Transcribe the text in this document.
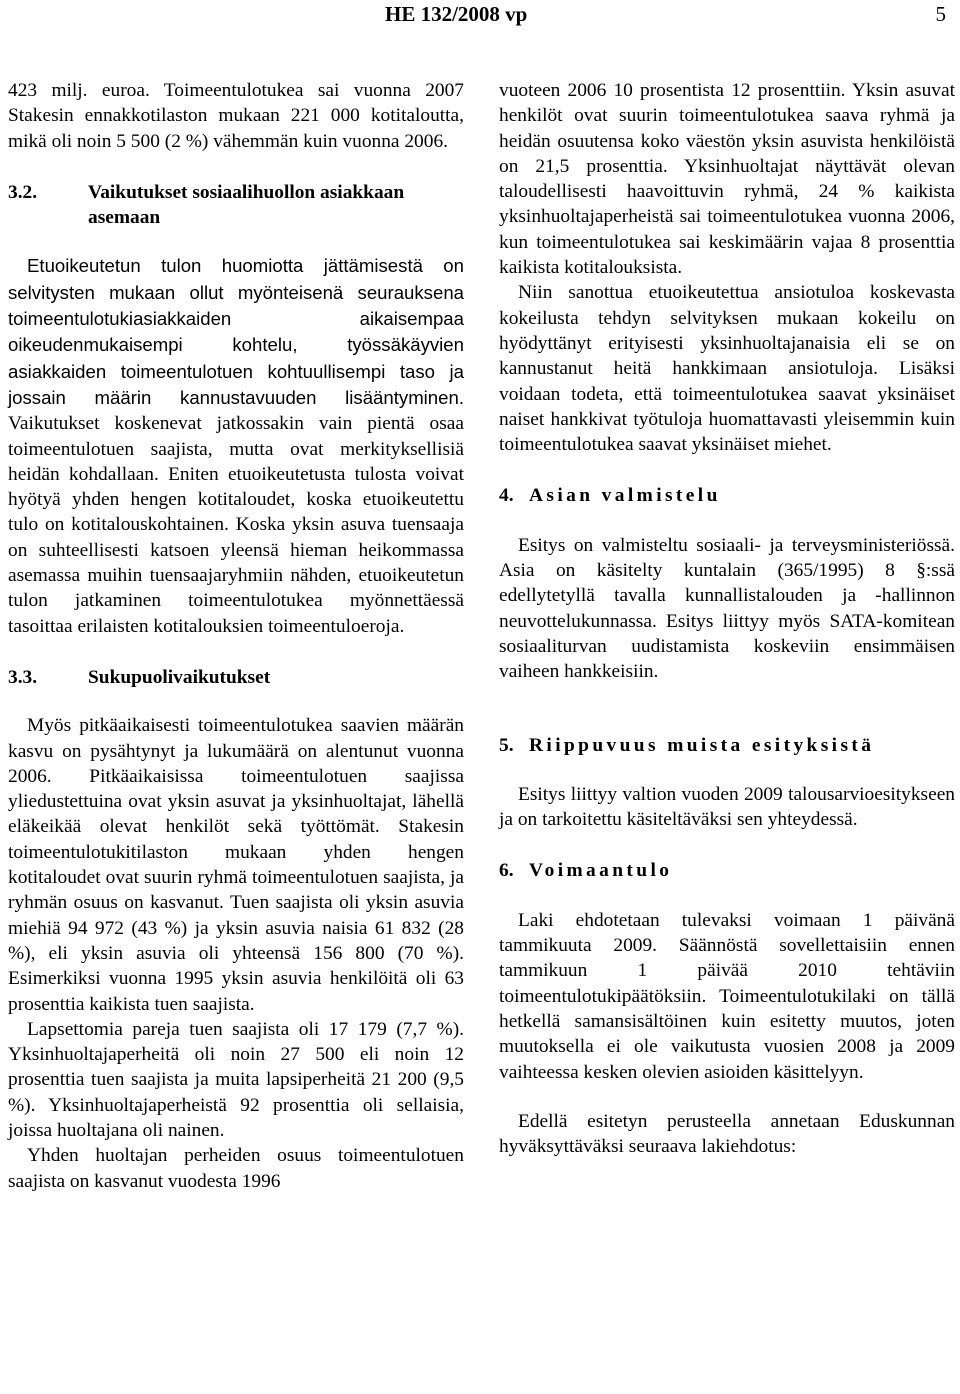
HE 132/2008 vp	5

423 milj. euroa. Toimeentulotukea sai vuonna 2007 Stakesin ennakkotilaston mukaan 221 000 kotitaloutta, mikä oli noin 5 500 (2 %) vähemmän kuin vuonna 2006.

3.2.	Vaikutukset sosiaalihuollon asiakkaan asemaan

Etuoikeutetun tulon huomiotta jättämisestä on selvitysten mukaan ollut myönteisenä seurauksena toimeentulotukiasiakkaiden aikaisempaa oikeudenmukaisempi kohtelu, työssäkäyvien asiakkaiden toimeentulotuen kohtuullisempi taso ja jossain määrin kannustavuuden lisääntyminen. Vaikutukset koskenevat jatkossakin vain pientä osaa toimeentulotuen saajista, mutta ovat merkityksellisiä heidän kohdallaan. Eniten etuoikeutetusta tulosta voivat hyötyä yhden hengen kotitaloudet, koska etuoikeutettu tulo on kotitalouskohtainen. Koska yksin asuva tuensaaja on suhteellisesti katsoen yleensä hieman heikommassa asemassa muihin tuensaajaryhmiin nähden, etuoikeutetun tulon jatkaminen toimeentulotukea myönnettäessä tasoittaa erilaisten kotitalouksien toimeentuloeroja.

3.3.	Sukupuolivaikutukset

Myös pitkäaikaisesti toimeentulotukea saavien määrän kasvu on pysähtynyt ja lukumäärä on alentunut vuonna 2006. Pitkäaikaisissa toimeentulotuen saajissa yliedustettuina ovat yksin asuvat ja yksinhuoltajat, lähellä eläkeikää olevat henkilöt sekä työttömät. Stakesin toimeentulotukitilaston mukaan yhden hengen kotitaloudet ovat suurin ryhmä toimeentulotuen saajista, ja ryhmän osuus on kasvanut. Tuen saajista oli yksin asuvia miehiä 94 972 (43 %) ja yksin asuvia naisia 61 832 (28 %), eli yksin asuvia oli yhteensä 156 800 (70 %). Esimerkiksi vuonna 1995 yksin asuvia henkilöitä oli 63 prosenttia kaikista tuen saajista.

Lapsettomia pareja tuen saajista oli 17 179 (7,7 %). Yksinhuoltajaperheitä oli noin 27 500 eli noin 12 prosenttia tuen saajista ja muita lapsiperheitä 21 200 (9,5 %). Yksinhuoltajaperheistä 92 prosenttia oli sellaisia, joissa huoltajana oli nainen.

Yhden huoltajan perheiden osuus toimeentulotuen saajista on kasvanut vuodesta 1996

vuoteen 2006 10 prosentista 12 prosenttiin. Yksin asuvat henkilöt ovat suurin toimeentulotukea saava ryhmä ja heidän osuutensa koko väestön yksin asuvista henkilöistä on 21,5 prosenttia. Yksinhuoltajat näyttävät olevan taloudellisesti haavoittuvin ryhmä, 24 % kaikista yksinhuoltajaperheistä sai toimeentulotukea vuonna 2006, kun toimeentulotukea sai keskimäärin vajaa 8 prosenttia kaikista kotitalouksista.

Niin sanottua etuoikeutettua ansiotuloa koskevasta kokeilusta tehdyn selvityksen mukaan kokeilu on hyödyttänyt erityisesti yksinhuoltajanaisia eli se on kannustanut heitä hankkimaan ansiotuloja. Lisäksi voidaan todeta, että toimeentulotukea saavat yksinäiset naiset hankkivat työtuloja huomattavasti yleisemmin kuin toimeentulotukea saavat yksinäiset miehet.

4. Asian valmistelu

Esitys on valmisteltu sosiaali- ja terveysministeriössä. Asia on käsitelty kuntalain (365/1995) 8 §:ssä edellytetyllä tavalla kunnallistalouden ja -hallinnon neuvottelukunnassa. Esitys liittyy myös SATA-komitean sosiaaliturvan uudistamista koskeviin ensimmäisen vaiheen hankkeisiin.

5. Riippuvuus muista esityksistä

Esitys liittyy valtion vuoden 2009 talousarvioesitykseen ja on tarkoitettu käsiteltäväksi sen yhteydessä.

6. Voimaantulo

Laki ehdotetaan tulevaksi voimaan 1 päivänä tammikuuta 2009. Säännöstä sovellettaisiin ennen tammikuun 1 päivää 2010 tehtäviin toimeentulotukipäätöksiin. Toimeentulotukilaki on tällä hetkellä samansisältöinen kuin esitetty muutos, joten muutoksella ei ole vaikutusta vuosien 2008 ja 2009 vaihteessa kesken olevien asioiden käsittelyyn.

Edellä esitetyn perusteella annetaan Eduskunnan hyväksyttäväksi seuraava lakiehdotus:
